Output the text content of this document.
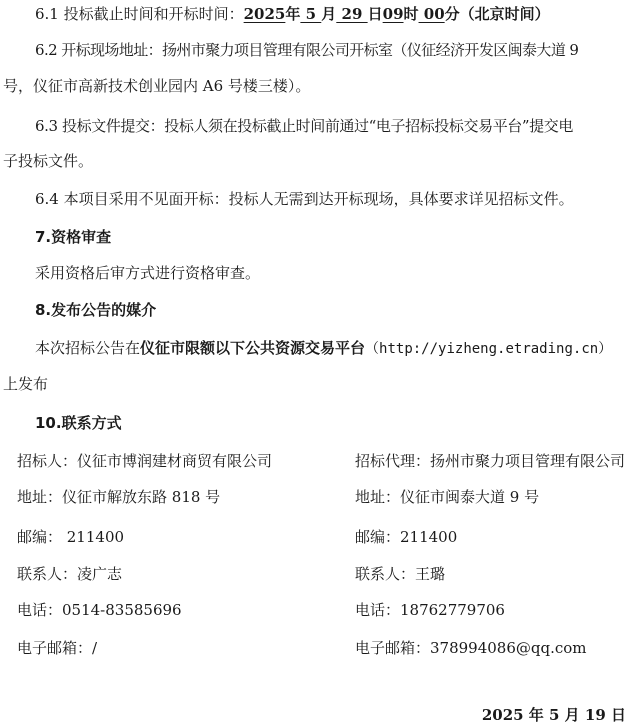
6.1 投标截止时间和开标时间：2025年 5 月 29 日09时 00分（北京时间）
6.2 开标现场地址：扬州市聚力项目管理有限公司开标室（仪征经济开发区闽泰大道 9
号，仪征市高新技术创业园内 A6 号楼三楼）。
6.3 投标文件提交：投标人须在投标截止时间前通过“电子招标投标交易平台”提交电
子投标文件。
6.4 本项目采用不见面开标：投标人无需到达开标现场，具体要求详见招标文件。
7.资格审查
采用资格后审方式进行资格审查。
8.发布公告的媒介
本次招标公告在仪征市限额以下公共资源交易平台（http://yizheng.etrading.cn）
上发布
10.联系方式
招标人：仪征市博润建材商贸有限公司	招标代理：扬州市聚力项目管理有限公司
地址：仪征市解放东路 818 号	地址：仪征市闽泰大道 9 号
邮编： 211400	邮编：211400
联系人：凌广志	联系人：王璐
电话：0514-83585696	电话：18762779706
电子邮箱：/	电子邮箱：378994086@qq.com
2025 年 5 月 19 日
